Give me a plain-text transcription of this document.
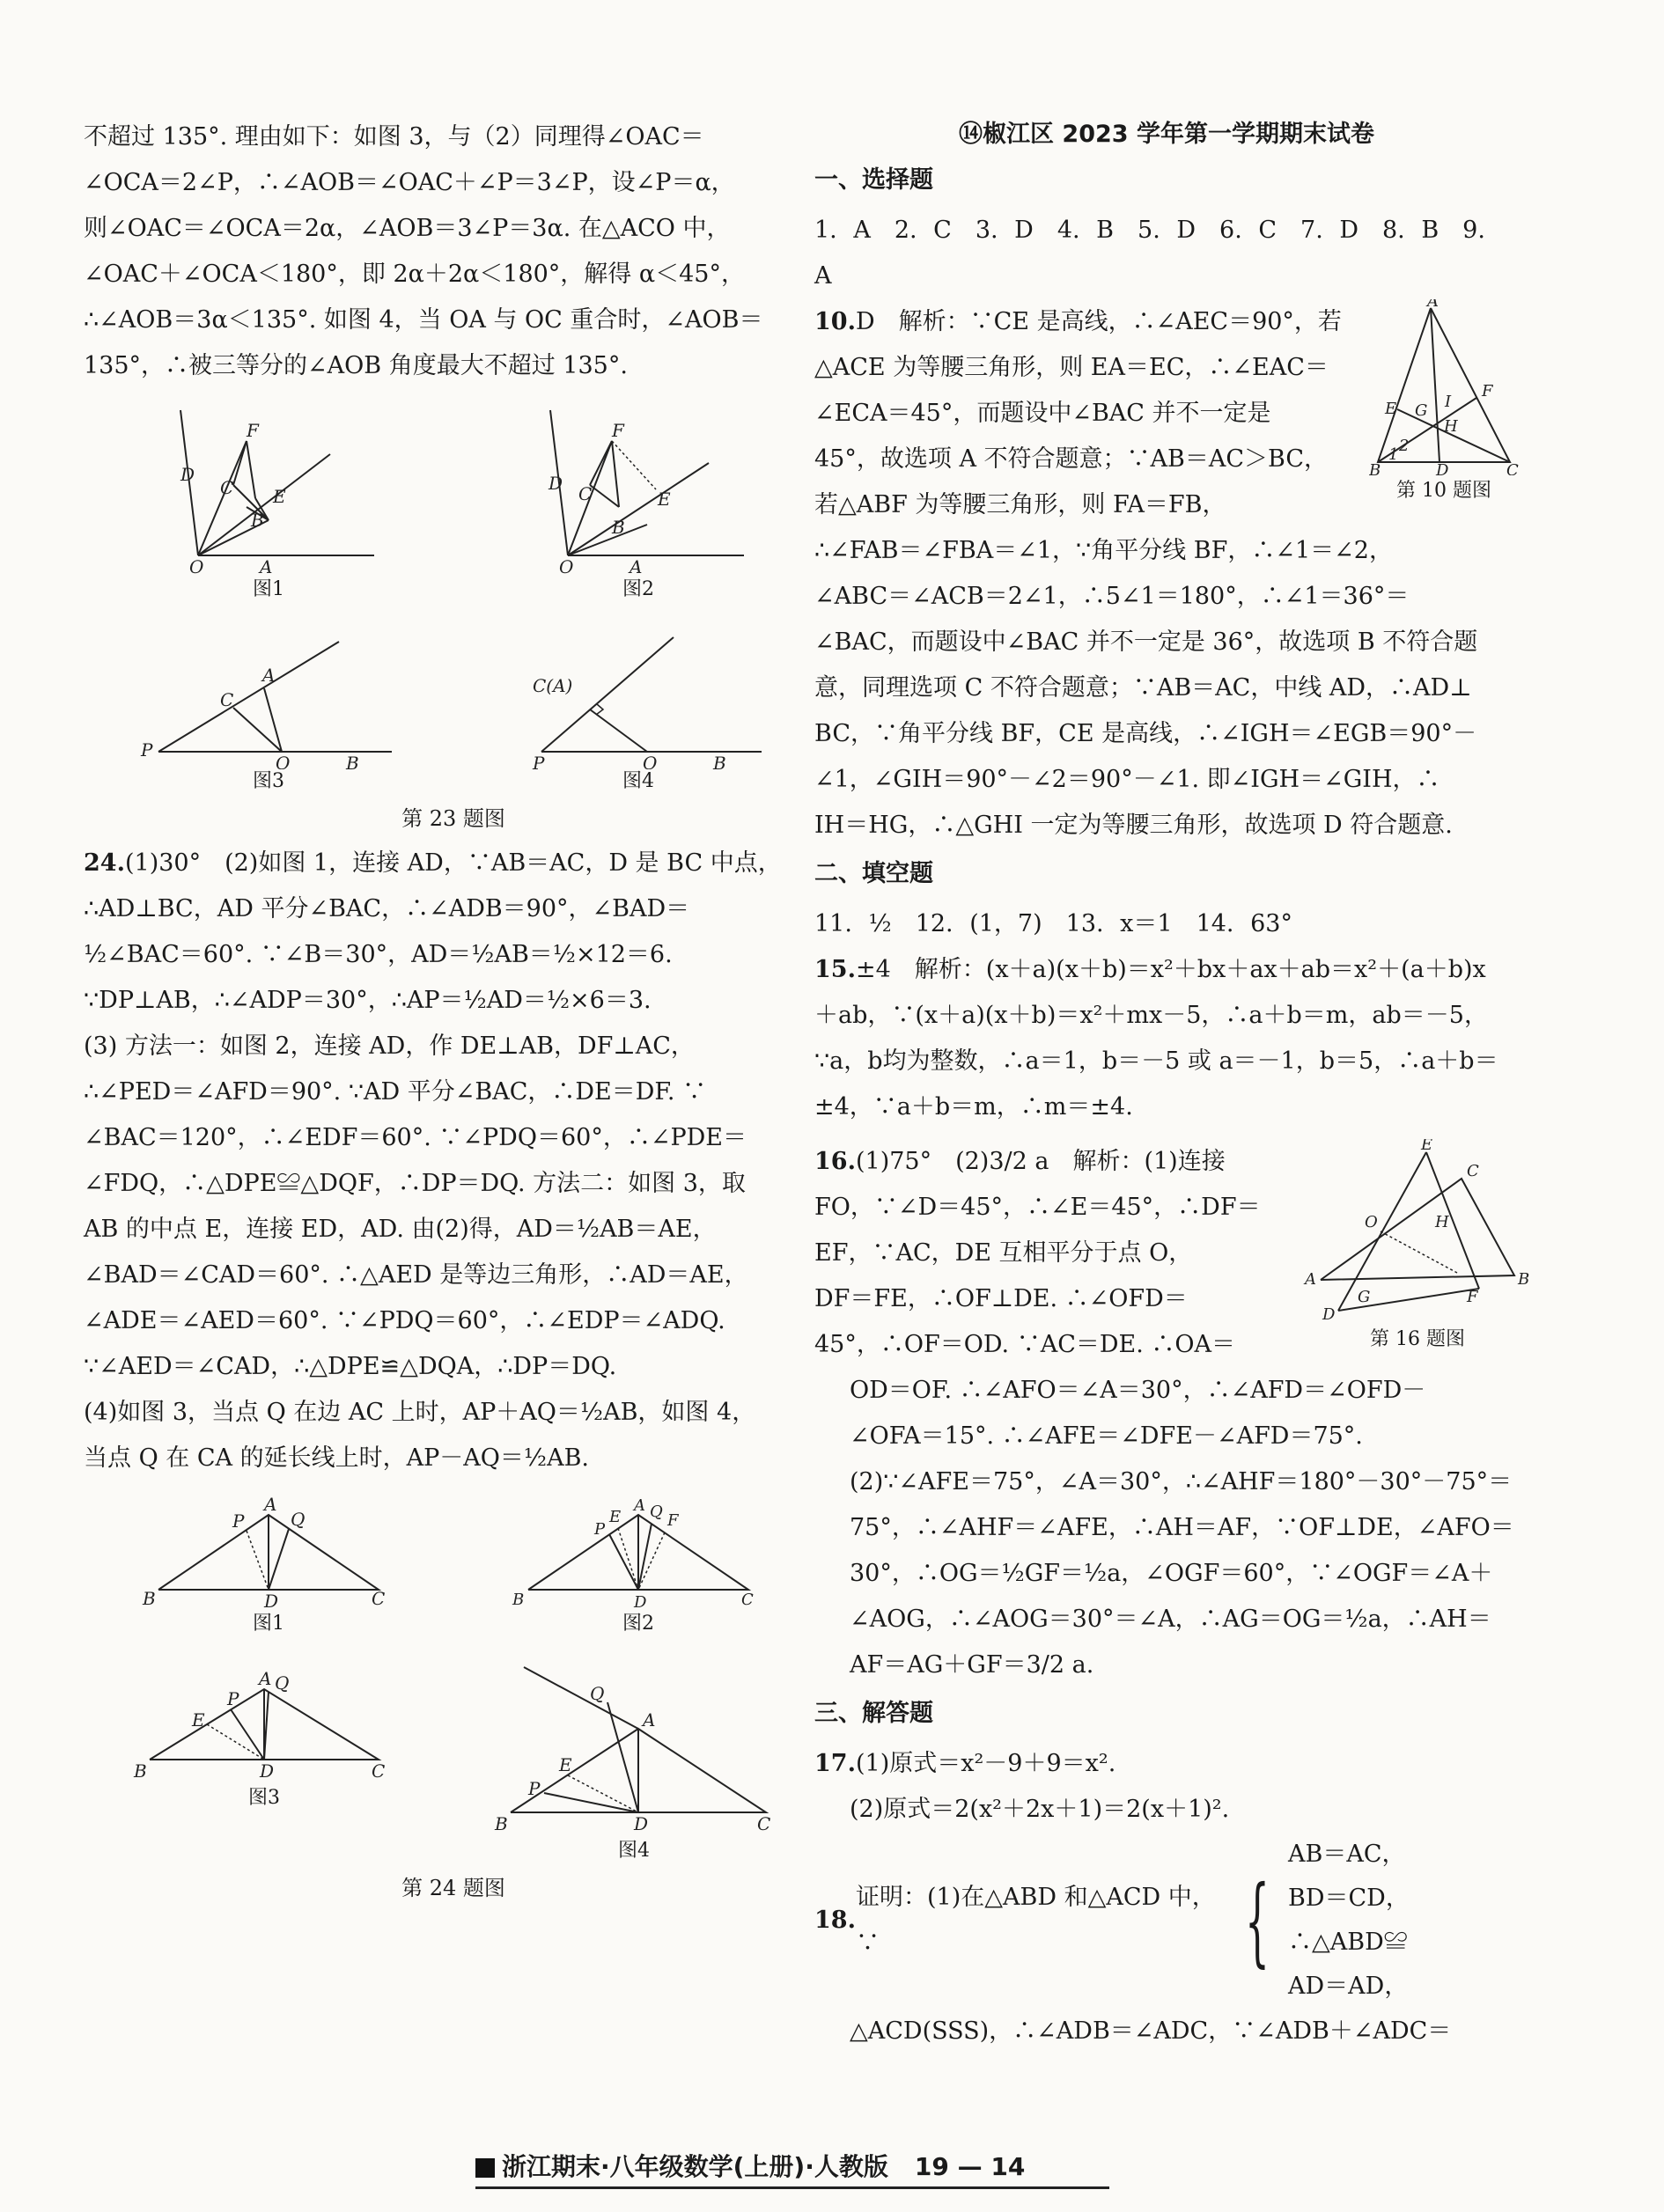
不超过 135°. 理由如下：如图 3，与（2）同理得∠OAC＝

∠OCA＝2∠P，∴∠AOB＝∠OAC＋∠P＝3∠P，设∠P＝α，

则∠OAC＝∠OCA＝2α，∠AOB＝3∠P＝3α. 在△ACO 中，

∠OAC＋∠OCA＜180°，即 2α＋2α＜180°，解得 α＜45°，

∴∠AOB＝3α＜135°. 如图 4，当 OA 与 OC 重合时，∠AOB＝

135°，∴被三等分的∠AOB 角度最大不超过 135°.

O	A
D
C
F
E
B
图1
O	A
D C
F
E
B
图2
P
O	B
A
C
图3
P	O	B
C(A)
图4
第 23 题图

24.(1)30°　(2)如图 1，连接 AD，∵AB＝AC，D 是 BC 中点，

∴AD⊥BC，AD 平分∠BAC，∴∠ADB＝90°，∠BAD＝

½∠BAC＝60°. ∵∠B＝30°，AD＝½AB＝½×12＝6.

∵DP⊥AB，∴∠ADP＝30°，∴AP＝½AD＝½×6＝3.

(3) 方法一：如图 2，连接 AD，作 DE⊥AB，DF⊥AC，

∴∠PED＝∠AFD＝90°. ∵AD 平分∠BAC，∴DE＝DF. ∵

∠BAC＝120°，∴∠EDF＝60°. ∵∠PDQ＝60°，∴∠PDE＝

∠FDQ，∴△DPE≌△DQF，∴DP＝DQ. 方法二：如图 3，取

AB 的中点 E，连接 ED，AD. 由(2)得，AD＝½AB＝AE，

∠BAD＝∠CAD＝60°. ∴△AED 是等边三角形，∴AD＝AE，

∠ADE＝∠AED＝60°. ∵∠PDQ＝60°，∴∠EDP＝∠ADQ.

∵∠AED＝∠CAD，∴△DPE≌△DQA，∴DP＝DQ.

(4)如图 3，当点 Q 在边 AC 上时，AP＋AQ＝½AB，如图 4，

当点 Q 在 CA 的延长线上时，AP－AQ＝½AB.

B
A
C
D
P	Q
图1
B
A
C
D
P
E Q F
图2
B
A Q
C
D
P
E
图3
B
A
C
D
P
E
Q
图4
第 24 题图
⑭椒江区 2023 学年第一学期期末试卷
一、选择题
1. A　2. C　3. D　4. B　5. D　6. C　7. D　8. B　9. A

10.D　解析：∵CE 是高线，∴∠AEC＝90°，若

△ACE 为等腰三角形，则 EA＝EC，∴∠EAC＝

∠ECA＝45°，而题设中∠BAC 并不一定是

45°，故选项 A 不符合题意；∵AB＝AC＞BC，

若△ABF 为等腰三角形，则 FA＝FB，

A
B	D	C
F
E G I
H
1 2
第 10 题图

∴∠FAB＝∠FBA＝∠1，∵角平分线 BF，∴∠1＝∠2，

∠ABC＝∠ACB＝2∠1，∴5∠1＝180°，∴∠1＝36°＝

∠BAC，而题设中∠BAC 并不一定是 36°，故选项 B 不符合题

意，同理选项 C 不符合题意；∵AB＝AC，中线 AD，∴AD⊥

BC，∵角平分线 BF，CE 是高线，∴∠IGH＝∠EGB＝90°－

∠1，∠GIH＝90°－∠2＝90°－∠1. 即∠IGH＝∠GIH，∴

IH＝HG，∴△GHI 一定为等腰三角形，故选项 D 符合题意.

二、填空题
11. ½　12. (1，7)　13. x＝1　14. 63°

15.±4　解析：(x＋a)(x＋b)＝x²＋bx＋ax＋ab＝x²＋(a＋b)x

＋ab，∵(x＋a)(x＋b)＝x²＋mx－5，∴a＋b＝m，ab＝－5，

∵a，b均为整数，∴a＝1，b＝－5 或 a＝－1，b＝5，∴a＋b＝

±4，∵a＋b＝m，∴m＝±4.

16.(1)75°　(2)3/2 a　解析：(1)连接

FO，∵∠D＝45°，∴∠E＝45°，∴DF＝

EF，∵AC，DE 互相平分于点 O，

DF＝FE，∴OF⊥DE. ∴∠OFD＝

45°，∴OF＝OD. ∵AC＝DE. ∴OA＝

A	B
C
D
E
F
G
H
O
第 16 题图

OD＝OF. ∴∠AFO＝∠A＝30°，∴∠AFD＝∠OFD－

∠OFA＝15°. ∴∠AFE＝∠DFE－∠AFD＝75°.

(2)∵∠AFE＝75°，∠A＝30°，∴∠AHF＝180°－30°－75°＝

75°，∴∠AHF＝∠AFE，∴AH＝AF，∵OF⊥DE，∠AFO＝

30°，∴OG＝½GF＝½a，∠OGF＝60°，∵∠OGF＝∠A＋

∠AOG，∴∠AOG＝30°＝∠A，∴AG＝OG＝½a，∴AH＝

AF＝AG＋GF＝3/2 a.

三、解答题

17.(1)原式＝x²－9＋9＝x².

(2)原式＝2(x²＋2x＋1)＝2(x＋1)².

18.
证明：(1)在△ABD 和△ACD 中，∵	{
AB＝AC，
BD＝CD，∴△ABD≌
AD＝AD，

△ACD(SSS)，∴∠ADB＝∠ADC，∵∠ADB＋∠ADC＝

浙江期末·八年级数学(上册)·人教版 19 — 14
